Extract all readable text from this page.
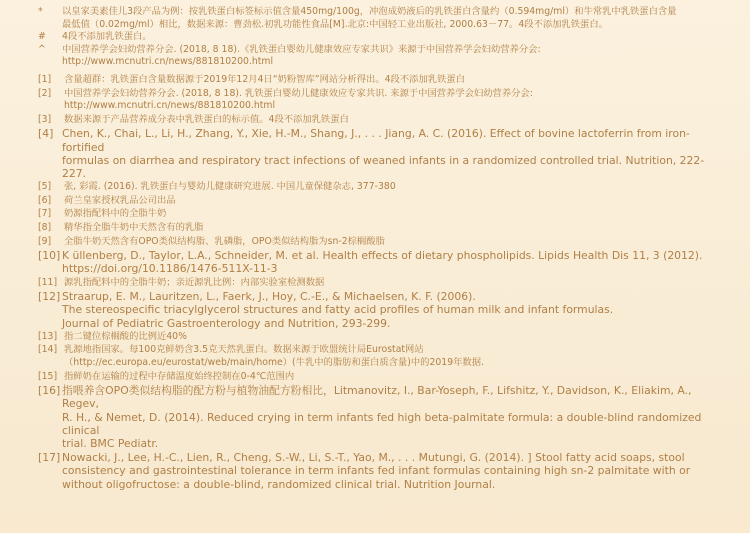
*	以皇家美素佳儿3段产品为例：按乳铁蛋白标签标示值含量450mg/100g，冲泡成奶液后的乳铁蛋白含量约（0.594mg/ml）和牛常乳中乳铁蛋白含量
最低值（0.02mg/ml）相比，数据来源：曹劲松.初乳功能性食品[M].北京:中国轻工业出版社, 2000.63－77。4段不添加乳铁蛋白。
#	4段不添加乳铁蛋白。
^	中国营养学会妇幼营养分会. (2018, 8 18).《乳铁蛋白婴幼儿健康效应专家共识》来源于中国营养学会妇幼营养分会:
http://www.mcnutri.cn/news/881810200.html
[1]	含量超群：乳铁蛋白含量数据源于2019年12月4日“奶粉智库”网站分析得出。4段不添加乳铁蛋白
[2]	中国营养学会妇幼营养分会. (2018, 8 18). 乳铁蛋白婴幼儿健康效应专家共识. 来源于中国营养学会妇幼营养分会:
http://www.mcnutri.cn/news/881810200.html
[3]	数据来源于产品营养成分表中乳铁蛋白的标示值。4段不添加乳铁蛋白
[4] Chen, K., Chai, L., Li, H., Zhang, Y., Xie, H.-M., Shang, J., . . . Jiang, A. C. (2016). Effect of bovine lactoferrin from iron-fortified
formulas on diarrhea and respiratory tract infections of weaned infants in a randomized controlled trial. Nutrition, 222-227.
[5]	张, 彩霞. (2016). 乳铁蛋白与婴幼儿健康研究进展. 中国儿童保健杂志, 377-380
[6]	荷兰皇家授权乳品公司出品
[7]	奶源指配料中的全脂牛奶
[8]	精华指全脂牛奶中天然含有的乳脂
[9]	全脂牛奶天然含有OPO类似结构脂、乳磷脂，OPO类似结构脂为sn-2棕榈酸脂
[10] K üllenberg, D., Taylor, L.A., Schneider, M. et al. Health effects of dietary phospholipids. Lipids Health Dis 11, 3 (2012).
https://doi.org/10.1186/1476-511X-11-3
[11] 源乳指配料中的全脂牛奶；亲近源乳比例：内部实验室检测数据
[12] Straarup, E. M., Lauritzen, L., Faerk, J., Hoy, C.-E., & Michaelsen, K. F. (2006).
The stereospecific triacylglycerol structures and fatty acid profiles of human milk and infant formulas.
Journal of Pediatric Gastroenterology and Nutrition, 293-299.
[13] 指二键位棕榈酸的比例近40%
[14] 乳源地指国家。每100克鲜奶含3.5克天然乳蛋白。数据来源于欧盟统计局Eurostat网站
（http://ec.europa.eu/eurostat/web/main/home）(牛乳中的脂肪和蛋白质含量)中的2019年数据.
[15] 指鲜奶在运输的过程中存储温度始终控制在0-4℃范围内
[16] 指喂养含OPO类似结构脂的配方粉与植物油配方粉相比，Litmanovitz, I., Bar-Yoseph, F., Lifshitz, Y., Davidson, K., Eliakim, A., Regev,
R. H., & Nemet, D. (2014). Reduced crying in term infants fed high beta-palmitate formula: a double-blind randomized clinical
trial. BMC Pediatr.
[17] Nowacki, J., Lee, H.-C., Lien, R., Cheng, S.-W., Li, S.-T., Yao, M., . . . Mutungi, G. (2014). ] Stool fatty acid soaps, stool
consistency and gastrointestinal tolerance in term infants fed infant formulas containing high sn-2 palmitate with or
without oligofructose: a double-blind, randomized clinical trial. Nutrition Journal.
